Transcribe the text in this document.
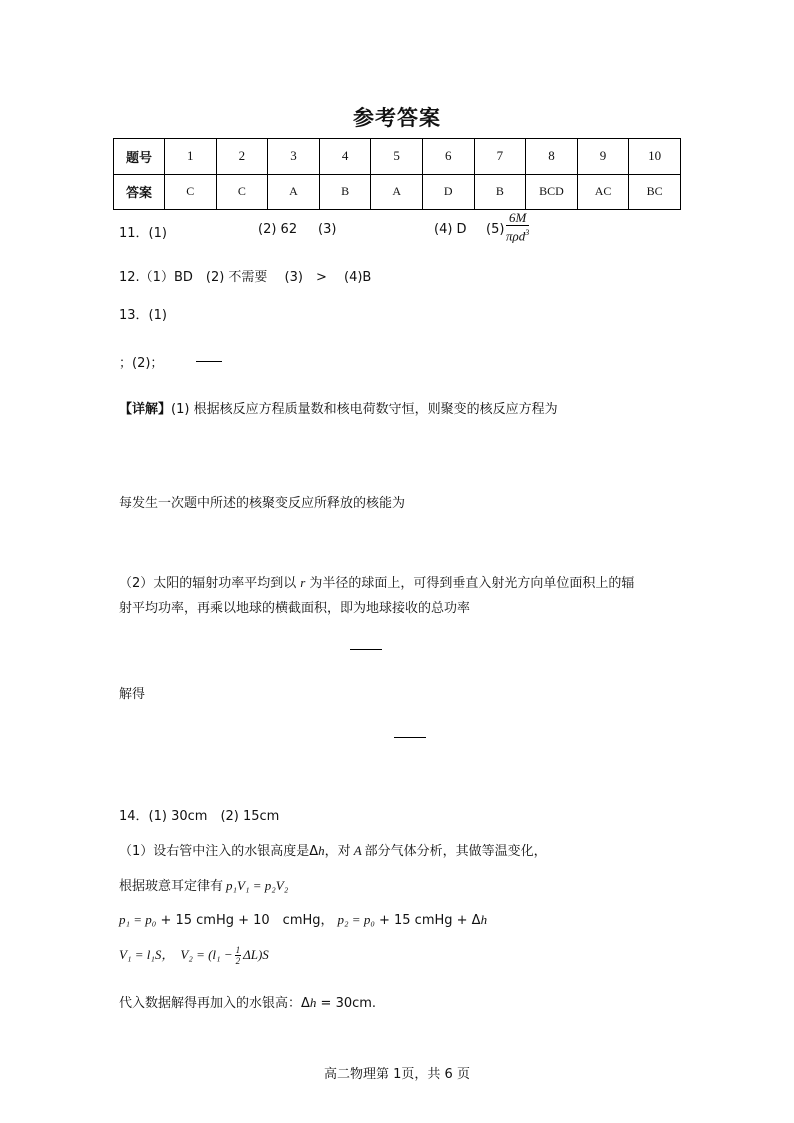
参考答案
题号	1	2	3	4	5	6	7	8	9	10
答案	C	C	A	B	A	D	B	BCD	AC	BC
11．(1)	(2) 62 (3)	(4) D $(5) \frac{6M}{\pi\rho d^3}$
12.（1）BD　(2) 不需要　 (3)　>　 (4)B
13．(1)
；(2)；
【详解】(1) 根据核反应方程质量数和核电荷数守恒，则聚变的核反应方程为
每发生一次题中所述的核聚变反应所释放的核能为
（2）太阳的辐射功率平均到以 r 为半径的球面上，可得到垂直入射光方向单位面积上的辐
射平均功率，再乘以地球的横截面积，即为地球接收的总功率
解得
14．(1) 30cm　(2) 15cm
（1）设右管中注入的水银高度是Δh，对 A 部分气体分析，其做等温变化，
根据玻意耳定律有 p₁V₁ = p₂V₂
p₁ = p₀ + 15 cmHg + 10　cmHg， p₂ = p₀ + 15 cmHg + Δh
V₁ = l₁S， $V_2 = (l_1 - \frac{1}{2} \Delta L)S$
代入数据解得再加入的水银高：Δh = 30cm.
高二物理第 1页，共 6 页
